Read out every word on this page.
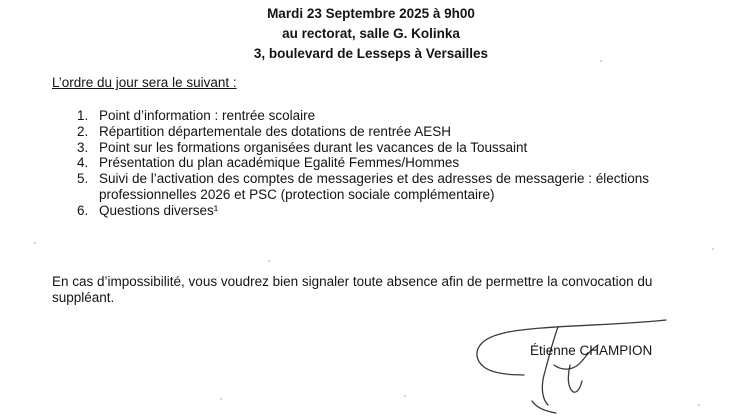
Mardi 23 Septembre 2025 à 9h00
au rectorat, salle G. Kolinka
3, boulevard de Lesseps à Versailles
L’ordre du jour sera le suivant :
1. Point d’information : rentrée scolaire
2. Répartition départementale des dotations de rentrée AESH
3. Point sur les formations organisées durant les vacances de la Toussaint
4. Présentation du plan académique Egalité Femmes/Hommes
5. Suivi de l’activation des comptes de messageries et des adresses de messagerie : élections professionnelles 2026 et PSC (protection sociale complémentaire)
6. Questions diverses¹
En cas d’impossibilité, vous voudrez bien signaler toute absence afin de permettre la convocation du suppléant.
Étienne CHAMPION
